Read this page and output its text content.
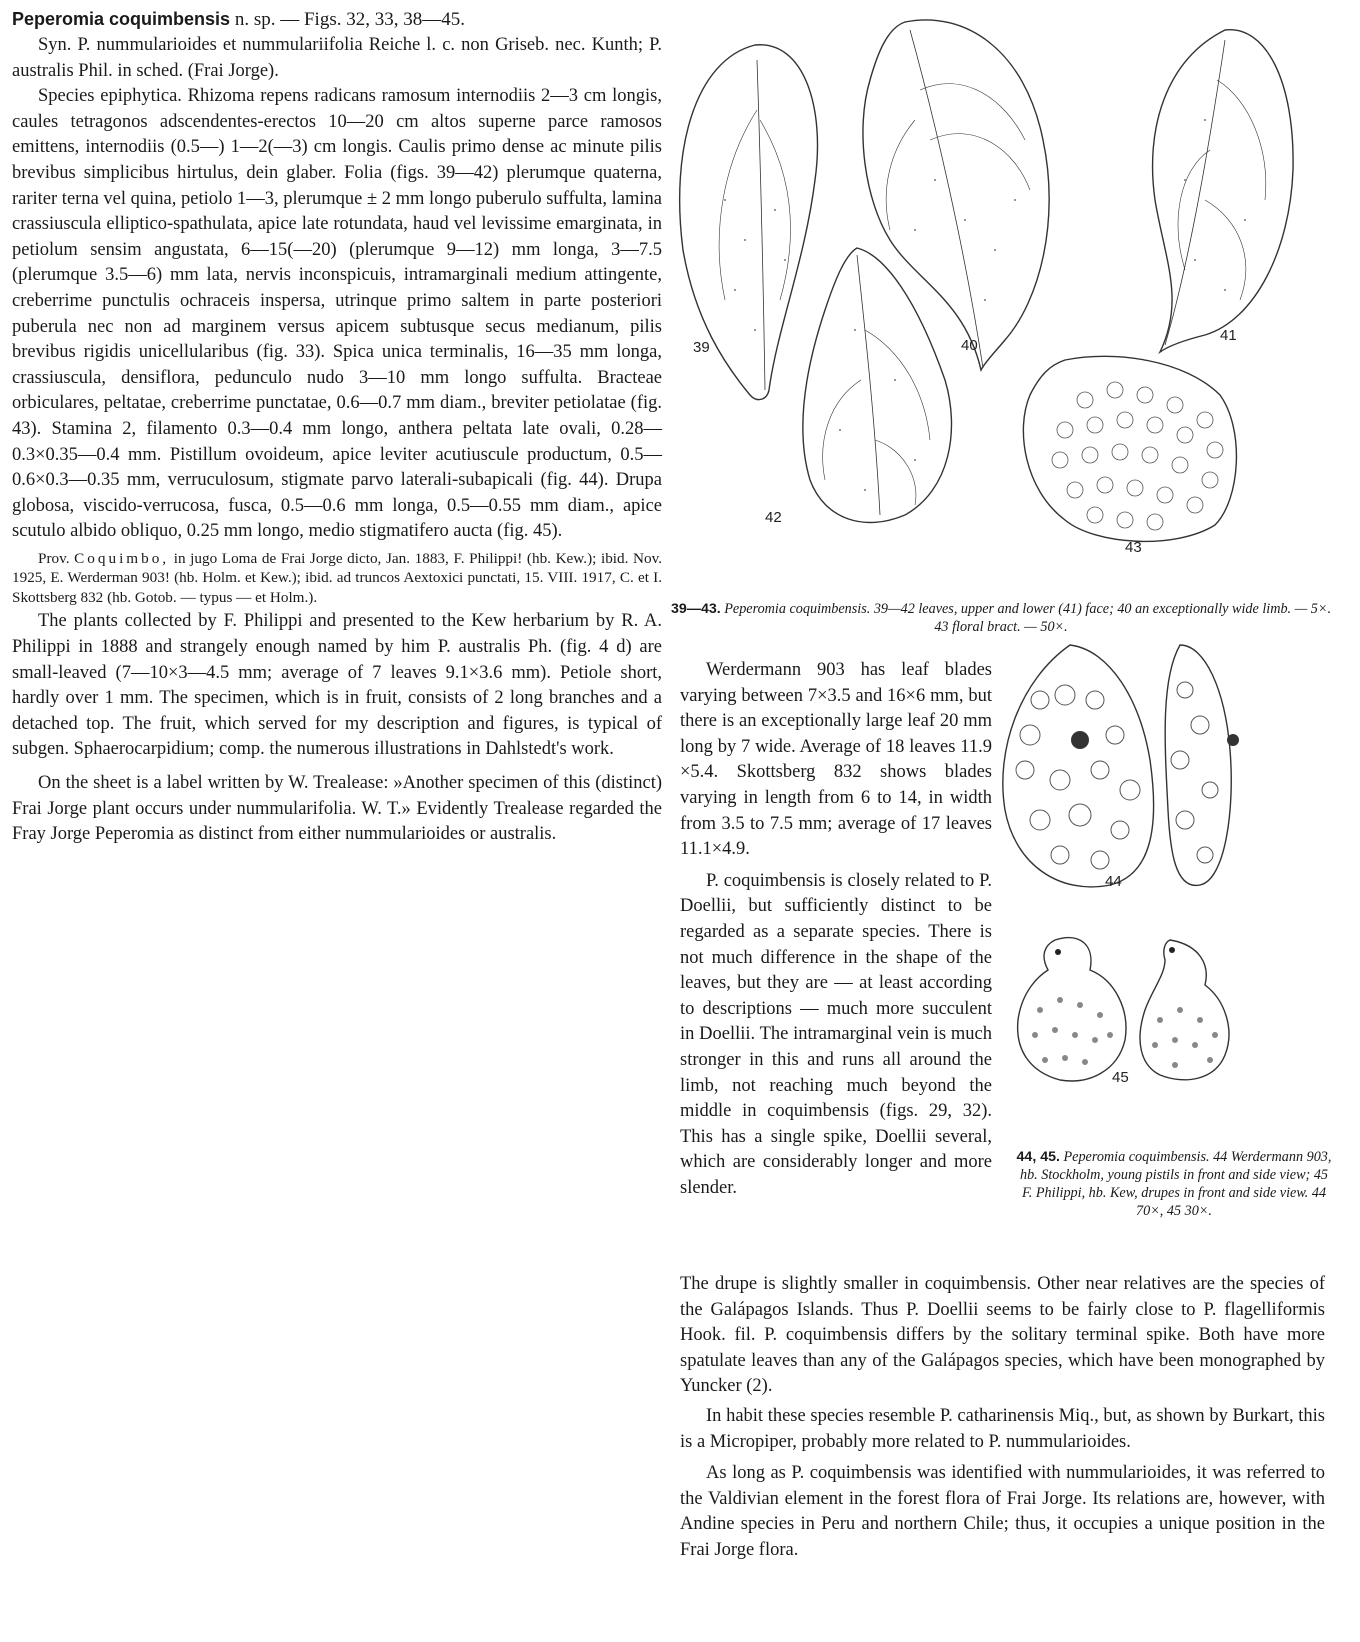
Peperomia coquimbensis n. sp. — Figs. 32, 33, 38—45.

Syn. P. nummularioides et nummulariifolia Reiche l. c. non Griseb. nec. Kunth; P. australis Phil. in sched. (Frai Jorge).

Species epiphytica. Rhizoma repens radicans ramosum internodiis 2—3 cm longis, caules tetragonos adscendentes-erectos 10—20 cm altos superne parce ramosos emittens, internodiis (0.5—) 1—2(—3) cm longis. Caulis primo dense ac minute pilis brevibus simplicibus hirtulus, dein glaber. Folia (figs. 39—42) plerumque quaterna, rariter terna vel quina, petiolo 1—3, plerumque ± 2 mm longo puberulo suffulta, lamina crassiuscula elliptico-spathulata, apice late rotundata, haud vel levissime emarginata, in petiolum sensim angustata, 6—15(—20) (plerumque 9—12) mm longa, 3—7.5 (plerumque 3.5—6) mm lata, nervis inconspicuis, intramarginali medium attingente, creberrime punctulis ochraceis inspersa, utrinque primo saltem in parte posteriori puberula nec non ad marginem versus apicem subtusque secus medianum, pilis brevibus rigidis unicellularibus (fig. 33). Spica unica terminalis, 16—35 mm longa, crassiuscula, densiflora, pedunculo nudo 3—10 mm longo suffulta. Bracteae orbiculares, peltatae, creberrime punctatae, 0.6—0.7 mm diam., breviter petiolatae (fig. 43). Stamina 2, filamento 0.3—0.4 mm longo, anthera peltata late ovali, 0.28—0.3×0.35—0.4 mm. Pistillum ovoideum, apice leviter acutiuscule productum, 0.5—0.6×0.3—0.35 mm, verruculosum, stigmate parvo laterali-subapicali (fig. 44). Drupa globosa, viscido-verrucosa, fusca, 0.5—0.6 mm longa, 0.5—0.55 mm diam., apice scutulo albido obliquo, 0.25 mm longo, medio stigmatifero aucta (fig. 45).

Prov. Coquimbo, in jugo Loma de Frai Jorge dicto, Jan. 1883, F. Philippi! (hb. Kew.); ibid. Nov. 1925, E. Werderman 903! (hb. Holm. et Kew.); ibid. ad truncos Aextoxici punctati, 15. VIII. 1917, C. et I. Skottsberg 832 (hb. Gotob. — typus — et Holm.).

The plants collected by F. Philippi and presented to the Kew herbarium by R. A. Philippi in 1888 and strangely enough named by him P. australis Ph. (fig. 4 d) are small-leaved (7—10×3—4.5 mm; average of 7 leaves 9.1×3.6 mm). Petiole short, hardly over 1 mm. The specimen, which is in fruit, consists of 2 long branches and a detached top. The fruit, which served for my description and figures, is typical of subgen. Sphaerocarpidium; comp. the numerous illustrations in Dahlstedt's work.

On the sheet is a label written by W. Trealease: »Another specimen of this (distinct) Frai Jorge plant occurs under nummularifolia. W. T.» Evidently Trealease regarded the Fray Jorge Peperomia as distinct from either nummularioides or australis.

39	40
41
42
43
39—43. Peperomia coquimbensis. 39—42 leaves, upper and lower (41) face; 40 an exceptionally wide limb. — 5×. 43 floral bract. — 50×.

Werdermann 903 has leaf blades varying between 7×3.5 and 16×6 mm, but there is an exceptionally large leaf 20 mm long by 7 wide. Average of 18 leaves 11.9 ×5.4. Skottsberg 832 shows blades varying in length from 6 to 14, in width from 3.5 to 7.5 mm; average of 17 leaves 11.1×4.9.

P. coquimbensis is closely related to P. Doellii, but sufficiently distinct to be regarded as a separate species. There is not much difference in the shape of the leaves, but they are — at least according to descriptions — much more succulent in Doellii. The intramarginal vein is much stronger in this and runs all around the limb, not reaching much beyond the middle in coquimbensis (figs. 29, 32). This has a single spike, Doellii several, which are considerably longer and more slender.

44
45
44, 45. Peperomia coquimbensis. 44 Werdermann 903, hb. Stockholm, young pistils in front and side view; 45 F. Philippi, hb. Kew, drupes in front and side view. 44 70×, 45 30×.

The drupe is slightly smaller in coquimbensis. Other near relatives are the species of the Galápagos Islands. Thus P. Doellii seems to be fairly close to P. flagelliformis Hook. fil. P. coquimbensis differs by the solitary terminal spike. Both have more spatulate leaves than any of the Galápagos species, which have been monographed by Yuncker (2).

In habit these species resemble P. catharinensis Miq., but, as shown by Burkart, this is a Micropiper, probably more related to P. nummularioides.

As long as P. coquimbensis was identified with nummularioides, it was referred to the Valdivian element in the forest flora of Frai Jorge. Its relations are, however, with Andine species in Peru and northern Chile; thus, it occupies a unique position in the Frai Jorge flora.
